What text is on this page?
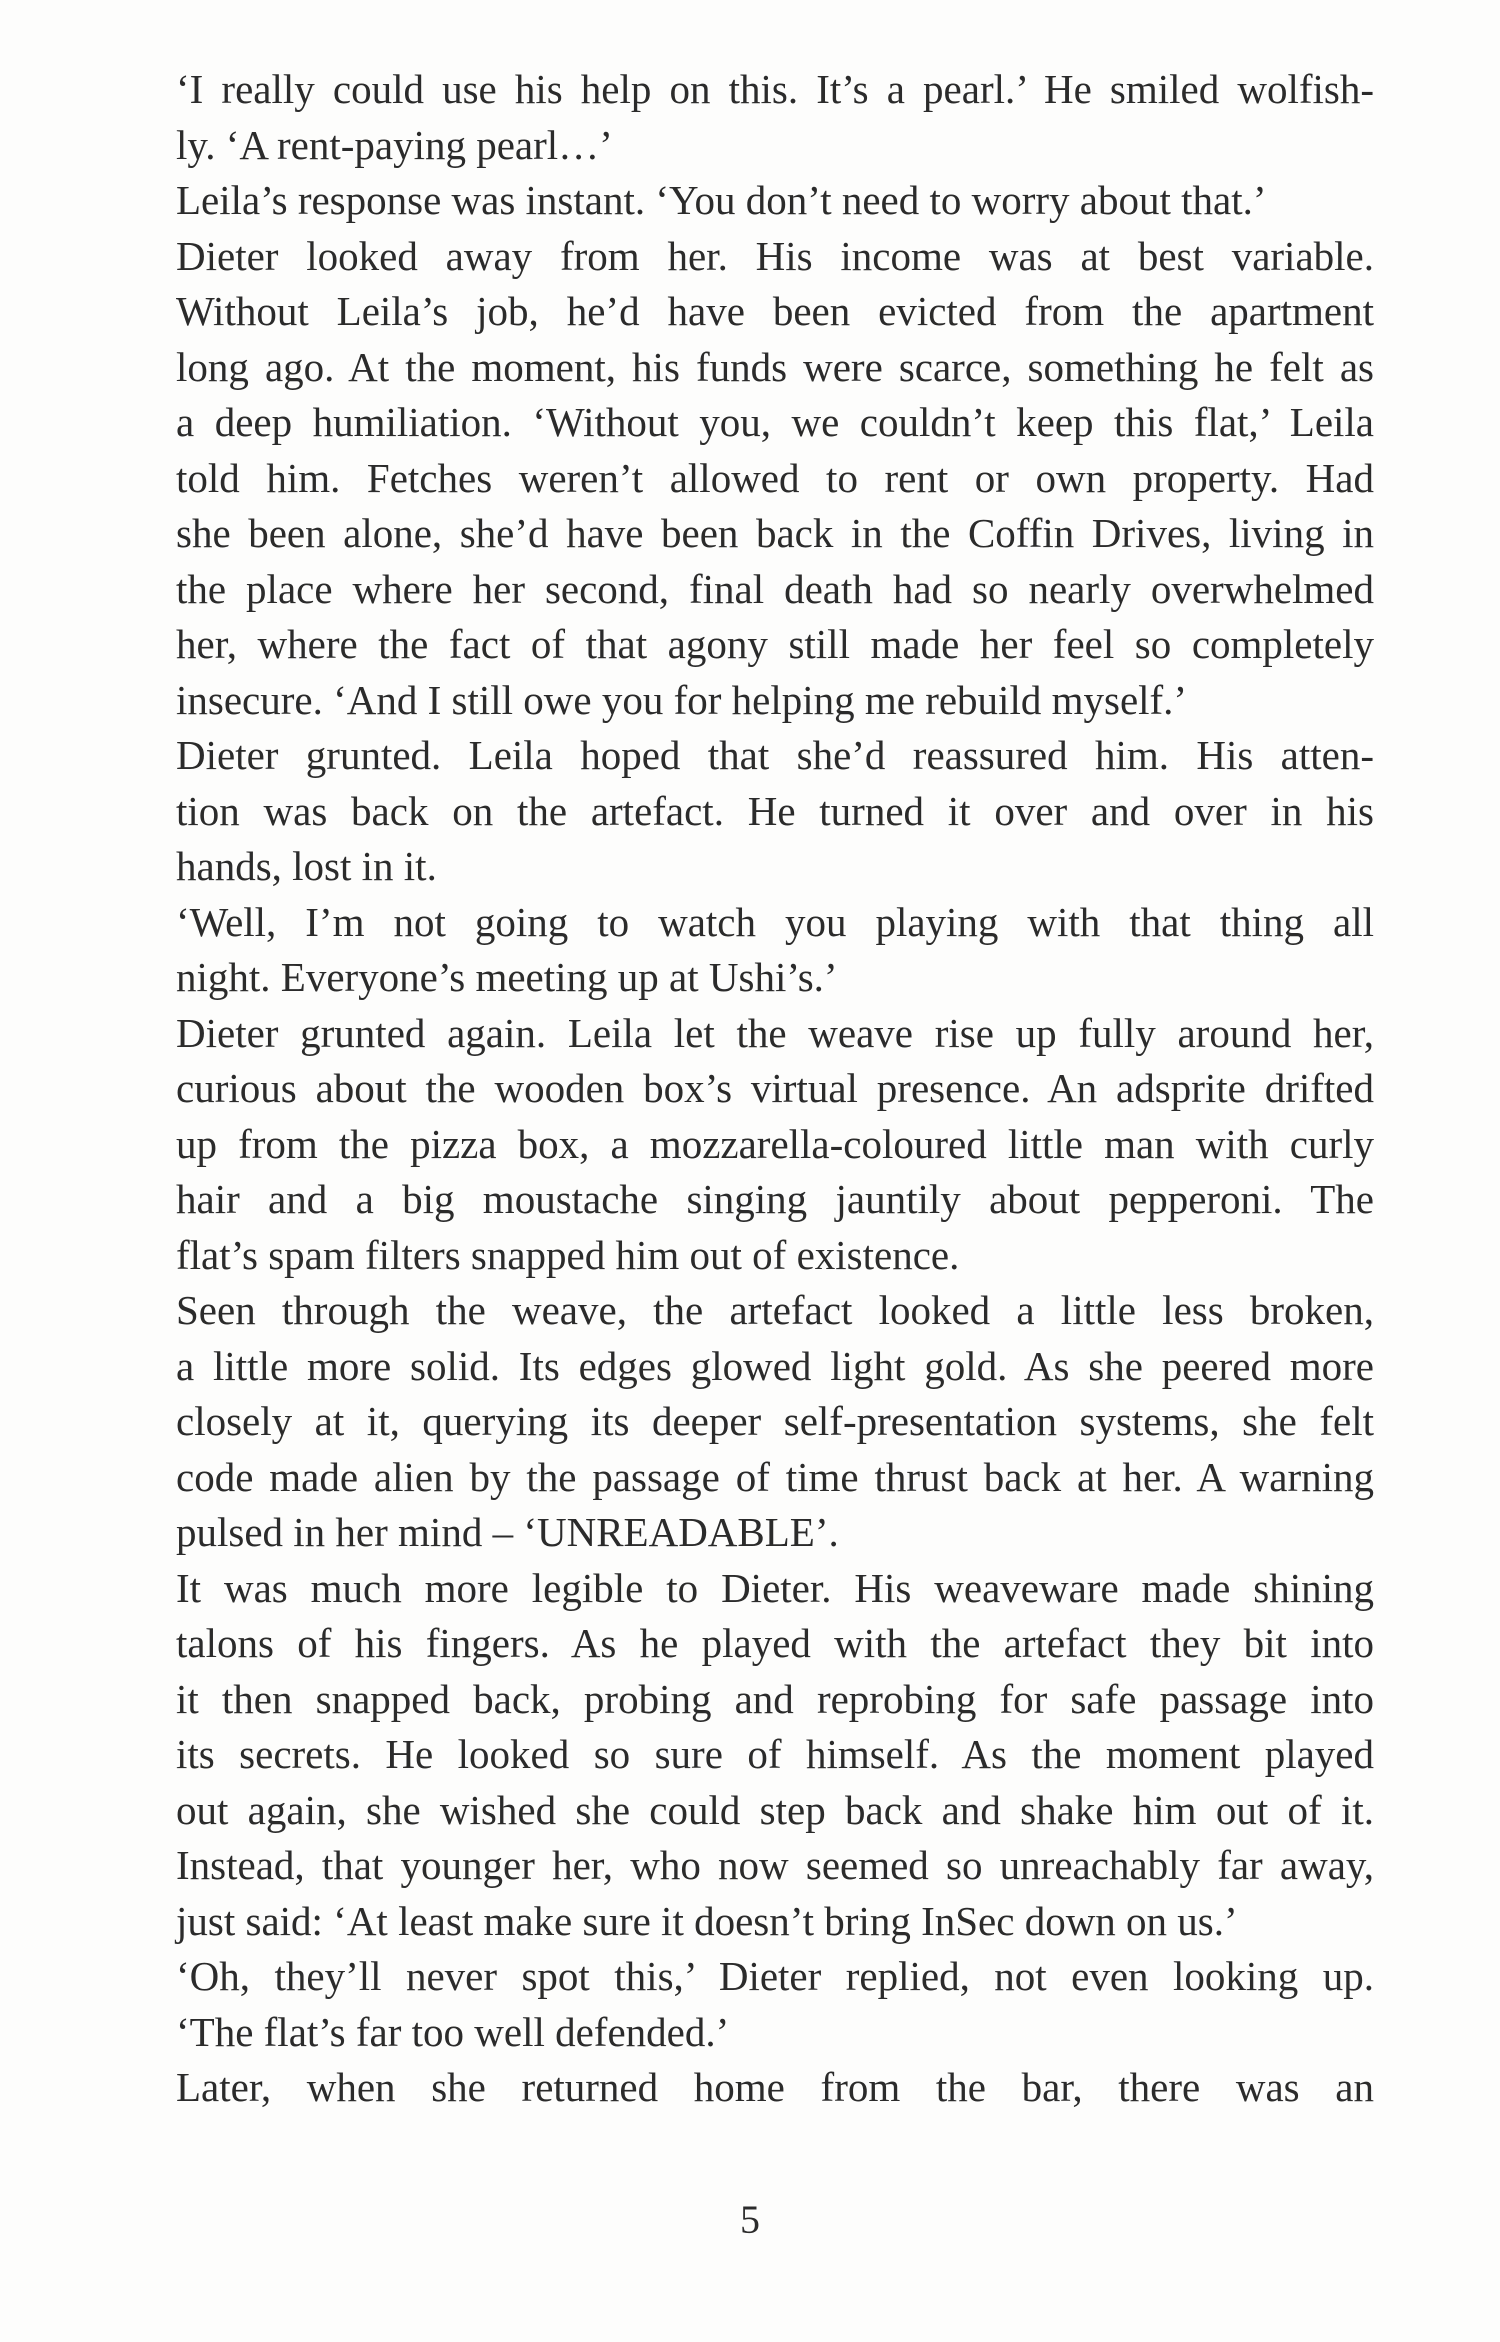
‘I really could use his help on this. It’s a pearl.’ He smiled wolfish-
ly. ‘A rent-paying pearl…’
Leila’s response was instant. ‘You don’t need to worry about that.’
Dieter looked away from her. His income was at best variable.
Without Leila’s job, he’d have been evicted from the apartment
long ago. At the moment, his funds were scarce, something he felt as
a deep humiliation. ‘Without you, we couldn’t keep this flat,’ Leila
told him. Fetches weren’t allowed to rent or own property. Had
she been alone, she’d have been back in the Coffin Drives, living in
the place where her second, final death had so nearly overwhelmed
her, where the fact of that agony still made her feel so completely
insecure. ‘And I still owe you for helping me rebuild myself.’
Dieter grunted. Leila hoped that she’d reassured him. His atten-
tion was back on the artefact. He turned it over and over in his
hands, lost in it.
‘Well, I’m not going to watch you playing with that thing all
night. Everyone’s meeting up at Ushi’s.’
Dieter grunted again. Leila let the weave rise up fully around her,
curious about the wooden box’s virtual presence. An adsprite drifted
up from the pizza box, a mozzarella-coloured little man with curly
hair and a big moustache singing jauntily about pepperoni. The
flat’s spam filters snapped him out of existence.
Seen through the weave, the artefact looked a little less broken,
a little more solid. Its edges glowed light gold. As she peered more
closely at it, querying its deeper self-presentation systems, she felt
code made alien by the passage of time thrust back at her. A warning
pulsed in her mind – ‘UNREADABLE’.
It was much more legible to Dieter. His weaveware made shining
talons of his fingers. As he played with the artefact they bit into
it then snapped back, probing and reprobing for safe passage into
its secrets. He looked so sure of himself. As the moment played
out again, she wished she could step back and shake him out of it.
Instead, that younger her, who now seemed so unreachably far away,
just said: ‘At least make sure it doesn’t bring InSec down on us.’
‘Oh, they’ll never spot this,’ Dieter replied, not even looking up.
‘The flat’s far too well defended.’
Later, when she returned home from the bar, there was an
5
